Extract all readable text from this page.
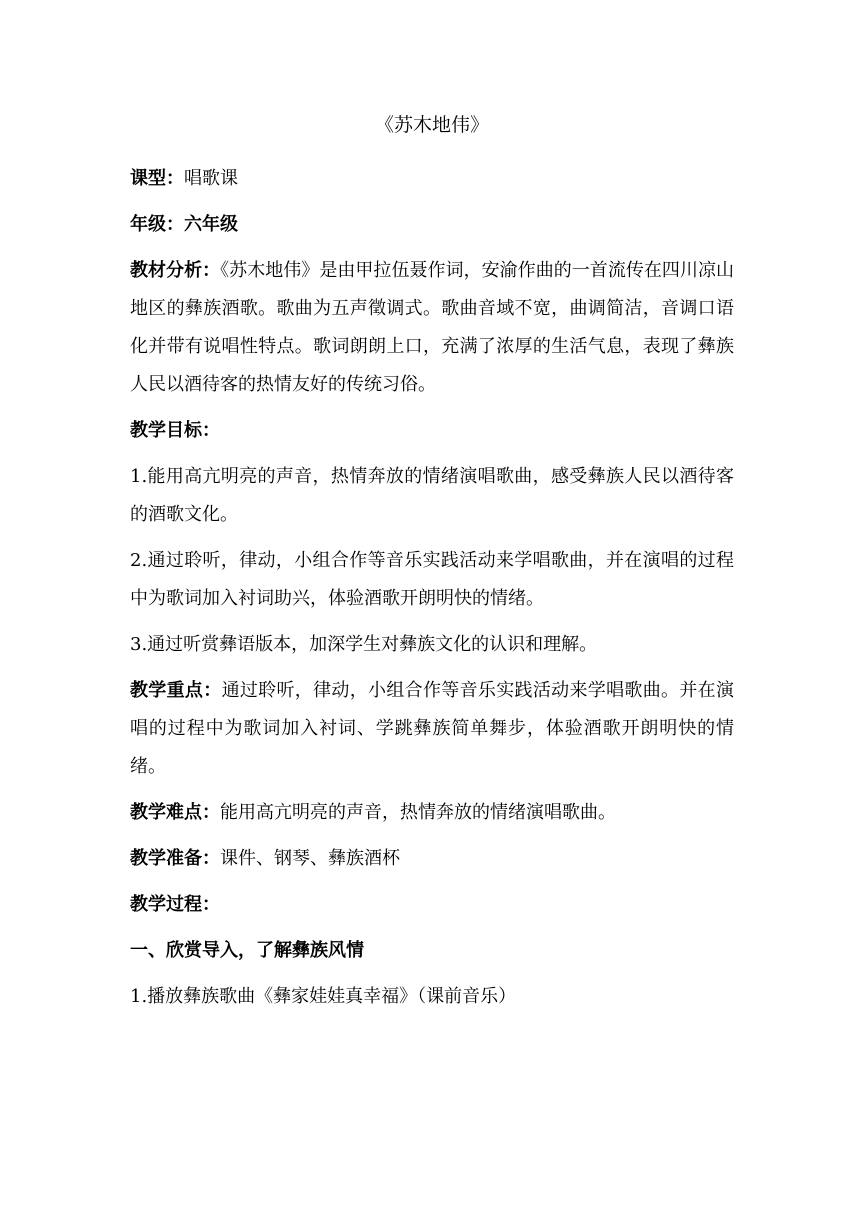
《苏木地伟》

课型：唱歌课

年级：六年级

教材分析：《苏木地伟》是由甲拉伍聂作词，安渝作曲的一首流传在四川凉山地区的彝族酒歌。歌曲为五声徵调式。歌曲音域不宽，曲调简洁，音调口语化并带有说唱性特点。歌词朗朗上口，充满了浓厚的生活气息，表现了彝族人民以酒待客的热情友好的传统习俗。

教学目标：

1.能用高亢明亮的声音，热情奔放的情绪演唱歌曲，感受彝族人民以酒待客的酒歌文化。

2.通过聆听，律动，小组合作等音乐实践活动来学唱歌曲，并在演唱的过程中为歌词加入衬词助兴，体验酒歌开朗明快的情绪。

3.通过听赏彝语版本，加深学生对彝族文化的认识和理解。

教学重点：通过聆听，律动，小组合作等音乐实践活动来学唱歌曲。并在演唱的过程中为歌词加入衬词、学跳彝族简单舞步，体验酒歌开朗明快的情绪。

教学难点：能用高亢明亮的声音，热情奔放的情绪演唱歌曲。

教学准备：课件、钢琴、彝族酒杯

教学过程：

一、欣赏导入，了解彝族风情

1.播放彝族歌曲《彝家娃娃真幸福》（课前音乐）
